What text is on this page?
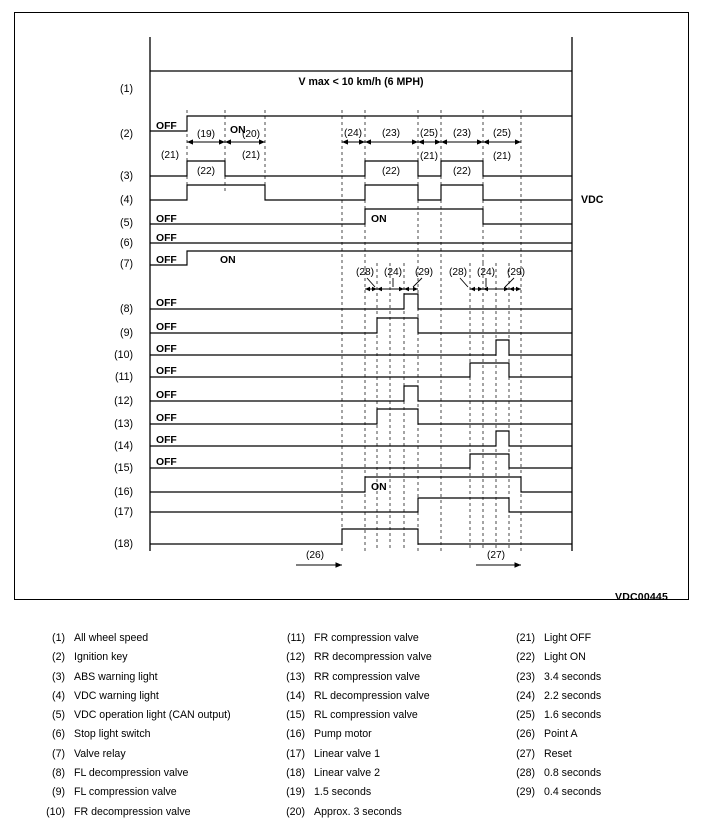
V max < 10 km/h (6 MPH)
(1)
OFF	ON
(2)	(19)	(20)	(24) (23) (25) (23) (25)
(21)
(22)
(21)
(22)
(21)
(22)
(21)
(3)
(4)	VDC
OFF	ON
(5)
OFF
(6)
OFF	ON
(7)
(28) (24) (29) (28) (24) (29)
OFF
(8)
OFF
(9)
OFF
(10)
OFF
(11)
OFF
(12)
OFF
(13)
OFF
(14)
OFF
(15)
ON
(16)
(17)
(18)
(26)	(27)
VDC00445
(1) All wheel speed
(2) Ignition key
(3) ABS warning light
(4) VDC warning light
(5) VDC operation light (CAN output)
(6) Stop light switch
(7) Valve relay
(8) FL decompression valve
(9) FL compression valve
(10) FR decompression valve
(11) FR compression valve
(12) RR decompression valve
(13) RR compression valve
(14) RL decompression valve
(15) RL compression valve
(16) Pump motor
(17) Linear valve 1
(18) Linear valve 2
(19) 1.5 seconds
(20) Approx. 3 seconds
(21) Light OFF
(22) Light ON
(23) 3.4 seconds
(24) 2.2 seconds
(25) 1.6 seconds
(26) Point A
(27) Reset
(28) 0.8 seconds
(29) 0.4 seconds
